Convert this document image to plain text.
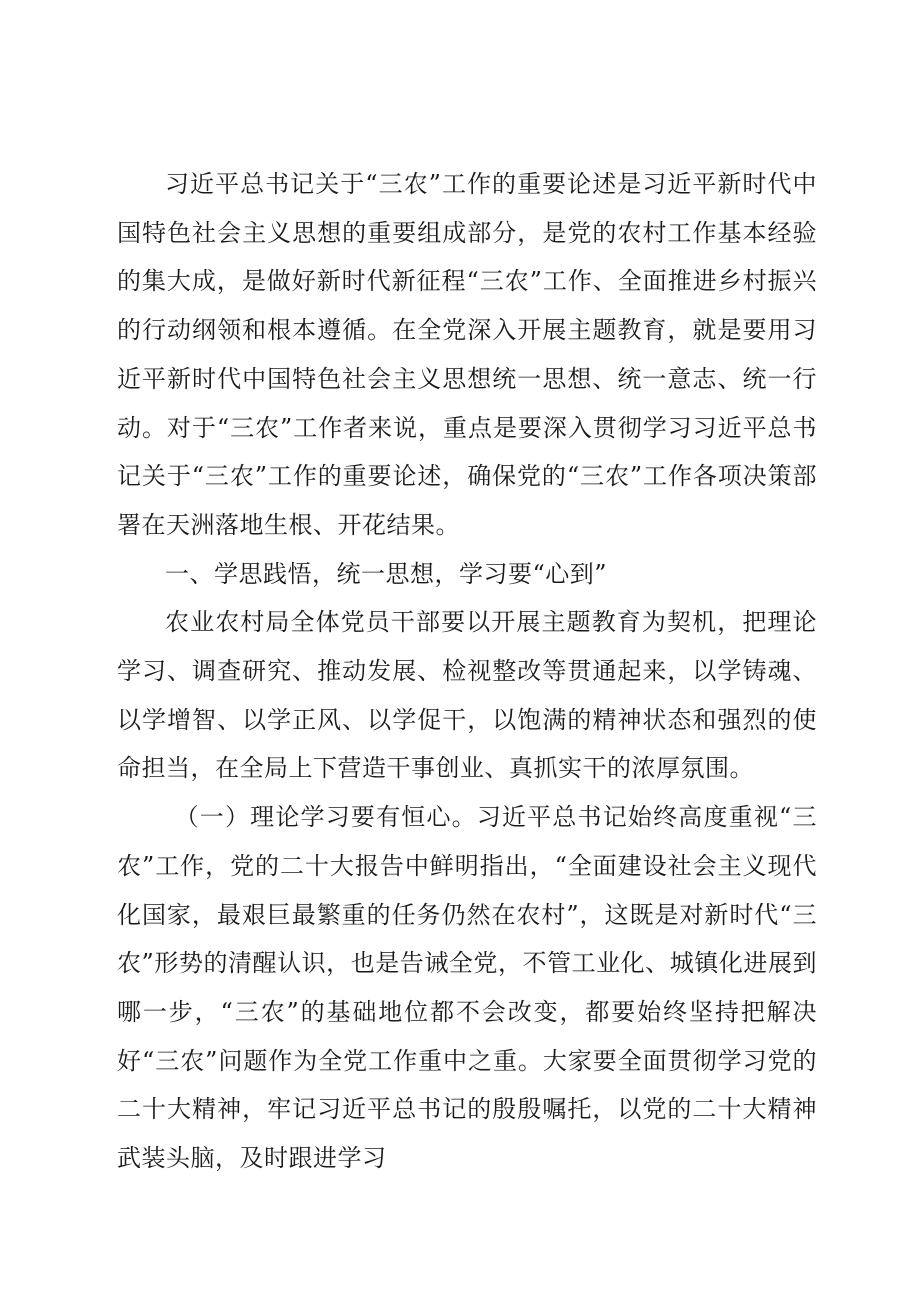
习近平总书记关于“三农”工作的重要论述是习近平新时代中国特色社会主义思想的重要组成部分，是党的农村工作基本经验的集大成，是做好新时代新征程“三农”工作、全面推进乡村振兴的行动纲领和根本遵循。在全党深入开展主题教育，就是要用习近平新时代中国特色社会主义思想统一思想、统一意志、统一行动。对于“三农”工作者来说，重点是要深入贯彻学习习近平总书记关于“三农”工作的重要论述，确保党的“三农”工作各项决策部署在天洲落地生根、开花结果。

一、学思践悟，统一思想，学习要“心到”

农业农村局全体党员干部要以开展主题教育为契机，把理论学习、调查研究、推动发展、检视整改等贯通起来，以学铸魂、以学增智、以学正风、以学促干，以饱满的精神状态和强烈的使命担当，在全局上下营造干事创业、真抓实干的浓厚氛围。

（一）理论学习要有恒心。习近平总书记始终高度重视“三农”工作，党的二十大报告中鲜明指出，“全面建设社会主义现代化国家，最艰巨最繁重的任务仍然在农村”，这既是对新时代“三农”形势的清醒认识，也是告诫全党，不管工业化、城镇化进展到哪一步，“三农”的基础地位都不会改变，都要始终坚持把解决好“三农”问题作为全党工作重中之重。大家要全面贯彻学习党的二十大精神，牢记习近平总书记的殷殷嘱托，以党的二十大精神武装头脑，及时跟进学习
